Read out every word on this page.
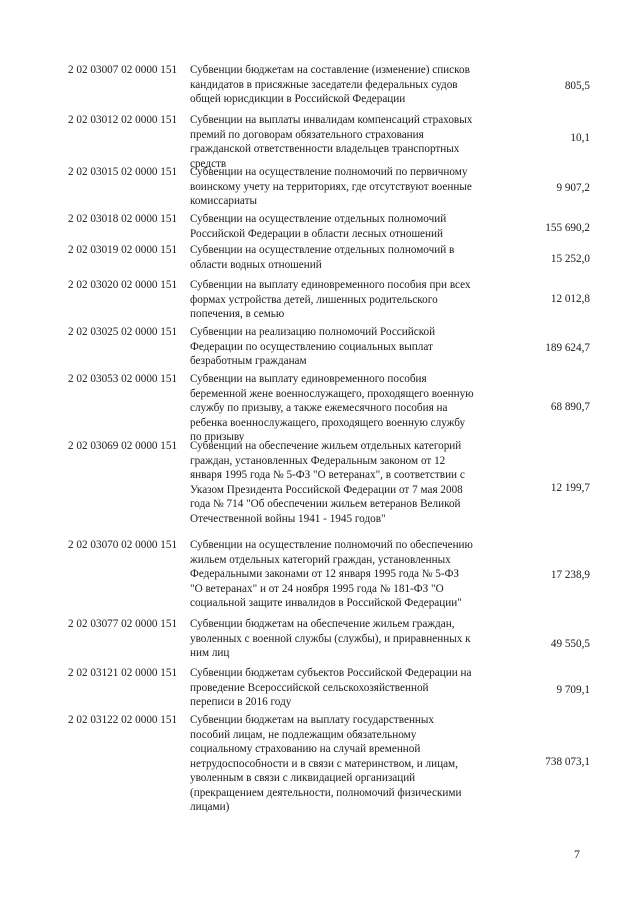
2 02 03007 02 0000 151 Субвенции бюджетам на составление (изменение) списков
кандидатов в присяжные заседатели федеральных судов
общей юрисдикции в Российской Федерации
805,5
2 02 03012 02 0000 151 Субвенции на выплаты инвалидам компенсаций страховых
премий по договорам обязательного страхования
гражданской ответственности владельцев транспортных
средств
10,1
2 02 03015 02 0000 151 Субвенции на осуществление полномочий по первичному
воинскому учету на территориях, где отсутствуют военные
комиссариаты
9 907,2
2 02 03018 02 0000 151 Субвенции на осуществление отдельных полномочий
Российской Федерации в области лесных отношений	155 690,2
2 02 03019 02 0000 151 Субвенции на осуществление отдельных полномочий в
области водных отношений	15 252,0
2 02 03020 02 0000 151 Субвенции на выплату единовременного пособия при всех
формах устройства детей, лишенных родительского
попечения, в семью
12 012,8
2 02 03025 02 0000 151 Субвенции на реализацию полномочий Российской
Федерации по осуществлению социальных выплат
безработным гражданам
189 624,7
2 02 03053 02 0000 151 Субвенции на выплату единовременного пособия
беременной жене военнослужащего, проходящего военную
службу по призыву, а также ежемесячного пособия на
ребенка военнослужащего, проходящего военную службу
по призыву
68 890,7
2 02 03069 02 0000 151 Субвенции на обеспечение жильем отдельных категорий
граждан, установленных Федеральным законом от 12
января 1995 года № 5-ФЗ "О ветеранах", в соответствии с
Указом Президента Российской Федерации от 7 мая 2008
года № 714 "Об обеспечении жильем ветеранов Великой
Отечественной войны 1941 - 1945 годов"
12 199,7
2 02 03070 02 0000 151 Субвенции на осуществление полномочий по обеспечению
жильем отдельных категорий граждан, установленных
Федеральными законами от 12 января 1995 года № 5-ФЗ
"О ветеранах" и от 24 ноября 1995 года № 181-ФЗ "О
социальной защите инвалидов в Российской Федерации"
17 238,9
2 02 03077 02 0000 151 Субвенции бюджетам на обеспечение жильем граждан,
уволенных с военной службы (службы), и приравненных к
ним лиц
49 550,5
2 02 03121 02 0000 151 Субвенции бюджетам субъектов Российской Федерации на
проведение Всероссийской сельскохозяйственной
переписи в 2016 году
9 709,1
2 02 03122 02 0000 151 Субвенции бюджетам на выплату государственных
пособий лицам, не подлежащим обязательному
социальному страхованию на случай временной
нетрудоспособности и в связи с материнством, и лицам,
уволенным в связи с ликвидацией организаций
(прекращением деятельности, полномочий физическими
лицами)
738 073,1
7
